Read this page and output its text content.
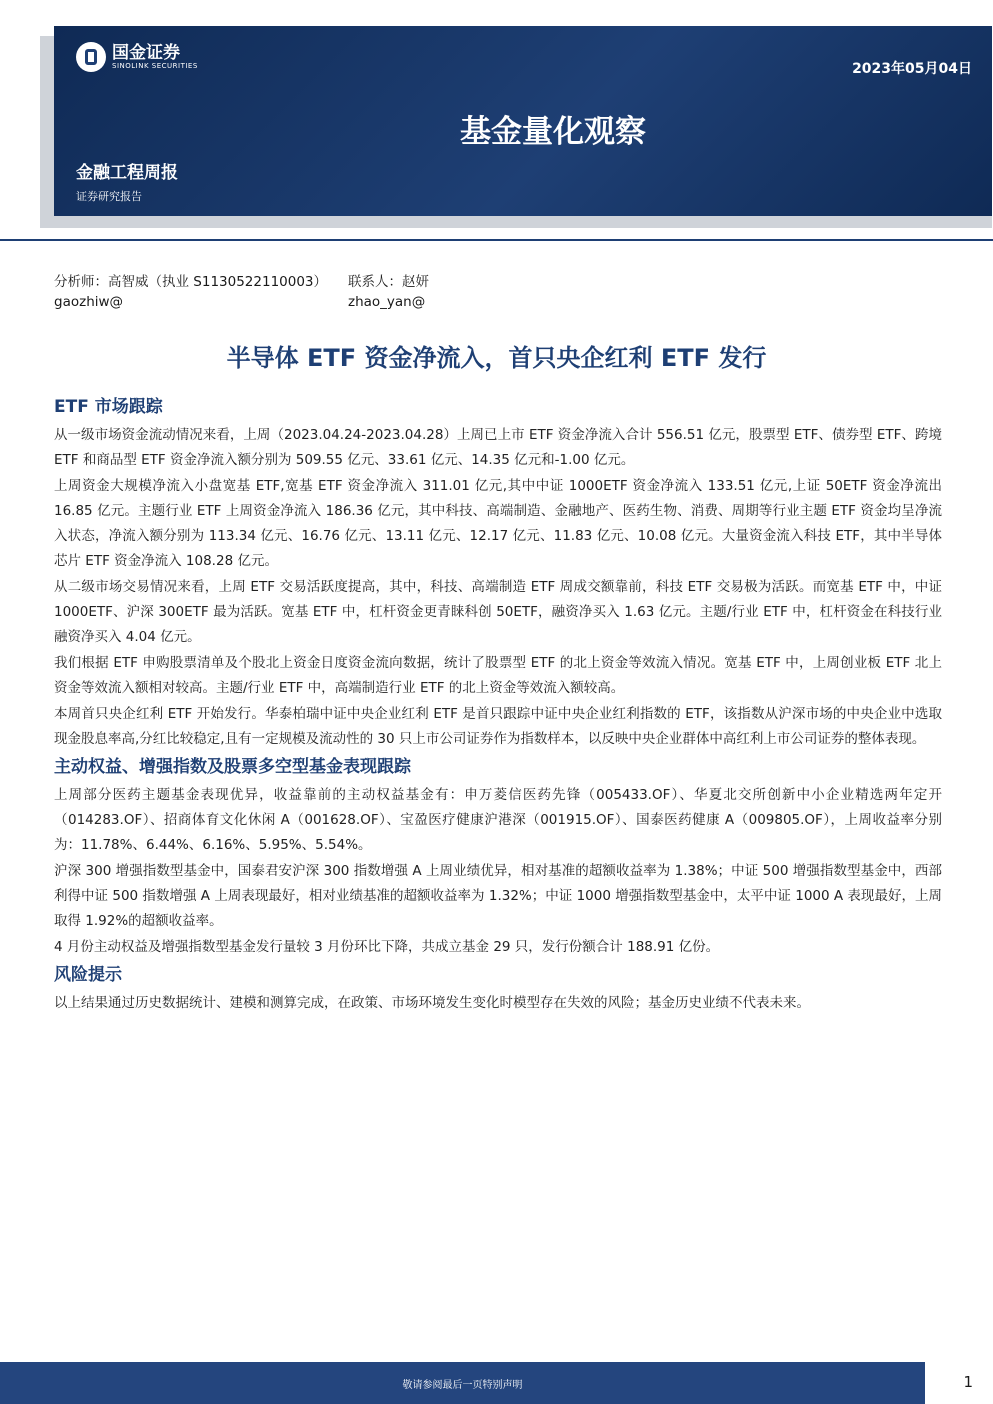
国金证券
SINOLINK SECURITIES	2023年05月04日
基金量化观察
金融工程周报
证券研究报告
分析师：高智威（执业 S1130522110003）	联系人：赵妍
gaozhiw@	zhao_yan@
半导体 ETF 资金净流入，首只央企红利 ETF 发行
ETF 市场跟踪

从一级市场资金流动情况来看，上周（2023.04.24-2023.04.28）上周已上市 ETF 资金净流入合计 556.51 亿元，股票型 ETF、债券型 ETF、跨境 ETF 和商品型 ETF 资金净流入额分别为 509.55 亿元、33.61 亿元、14.35 亿元和-1.00 亿元。

上周资金大规模净流入小盘宽基 ETF,宽基 ETF 资金净流入 311.01 亿元,其中中证 1000ETF 资金净流入 133.51 亿元,上证 50ETF 资金净流出 16.85 亿元。主题行业 ETF 上周资金净流入 186.36 亿元，其中科技、高端制造、金融地产、医药生物、消费、周期等行业主题 ETF 资金均呈净流入状态，净流入额分别为 113.34 亿元、16.76 亿元、13.11 亿元、12.17 亿元、11.83 亿元、10.08 亿元。大量资金流入科技 ETF，其中半导体芯片 ETF 资金净流入 108.28 亿元。

从二级市场交易情况来看，上周 ETF 交易活跃度提高，其中，科技、高端制造 ETF 周成交额靠前，科技 ETF 交易极为活跃。而宽基 ETF 中，中证 1000ETF、沪深 300ETF 最为活跃。宽基 ETF 中，杠杆资金更青睐科创 50ETF，融资净买入 1.63 亿元。主题/行业 ETF 中，杠杆资金在科技行业融资净买入 4.04 亿元。

我们根据 ETF 申购股票清单及个股北上资金日度资金流向数据，统计了股票型 ETF 的北上资金等效流入情况。宽基 ETF 中，上周创业板 ETF 北上资金等效流入额相对较高。主题/行业 ETF 中，高端制造行业 ETF 的北上资金等效流入额较高。

本周首只央企红利 ETF 开始发行。华泰柏瑞中证中央企业红利 ETF 是首只跟踪中证中央企业红利指数的 ETF，该指数从沪深市场的中央企业中选取现金股息率高,分红比较稳定,且有一定规模及流动性的 30 只上市公司证券作为指数样本，以反映中央企业群体中高红利上市公司证券的整体表现。

主动权益、增强指数及股票多空型基金表现跟踪

上周部分医药主题基金表现优异，收益靠前的主动权益基金有：申万菱信医药先锋（005433.OF）、华夏北交所创新中小企业精选两年定开（014283.OF）、招商体育文化休闲 A（001628.OF）、宝盈医疗健康沪港深（001915.OF）、国泰医药健康 A（009805.OF），上周收益率分别为：11.78%、6.44%、6.16%、5.95%、5.54%。

沪深 300 增强指数型基金中，国泰君安沪深 300 指数增强 A 上周业绩优异，相对基准的超额收益率为 1.38%；中证 500 增强指数型基金中，西部利得中证 500 指数增强 A 上周表现最好，相对业绩基准的超额收益率为 1.32%；中证 1000 增强指数型基金中，太平中证 1000 A 表现最好，上周取得 1.92%的超额收益率。

4 月份主动权益及增强指数型基金发行量较 3 月份环比下降，共成立基金 29 只，发行份额合计 188.91 亿份。

风险提示

以上结果通过历史数据统计、建模和测算完成，在政策、市场环境发生变化时模型存在失效的风险；基金历史业绩不代表未来。

敬请参阅最后一页特别声明	1
